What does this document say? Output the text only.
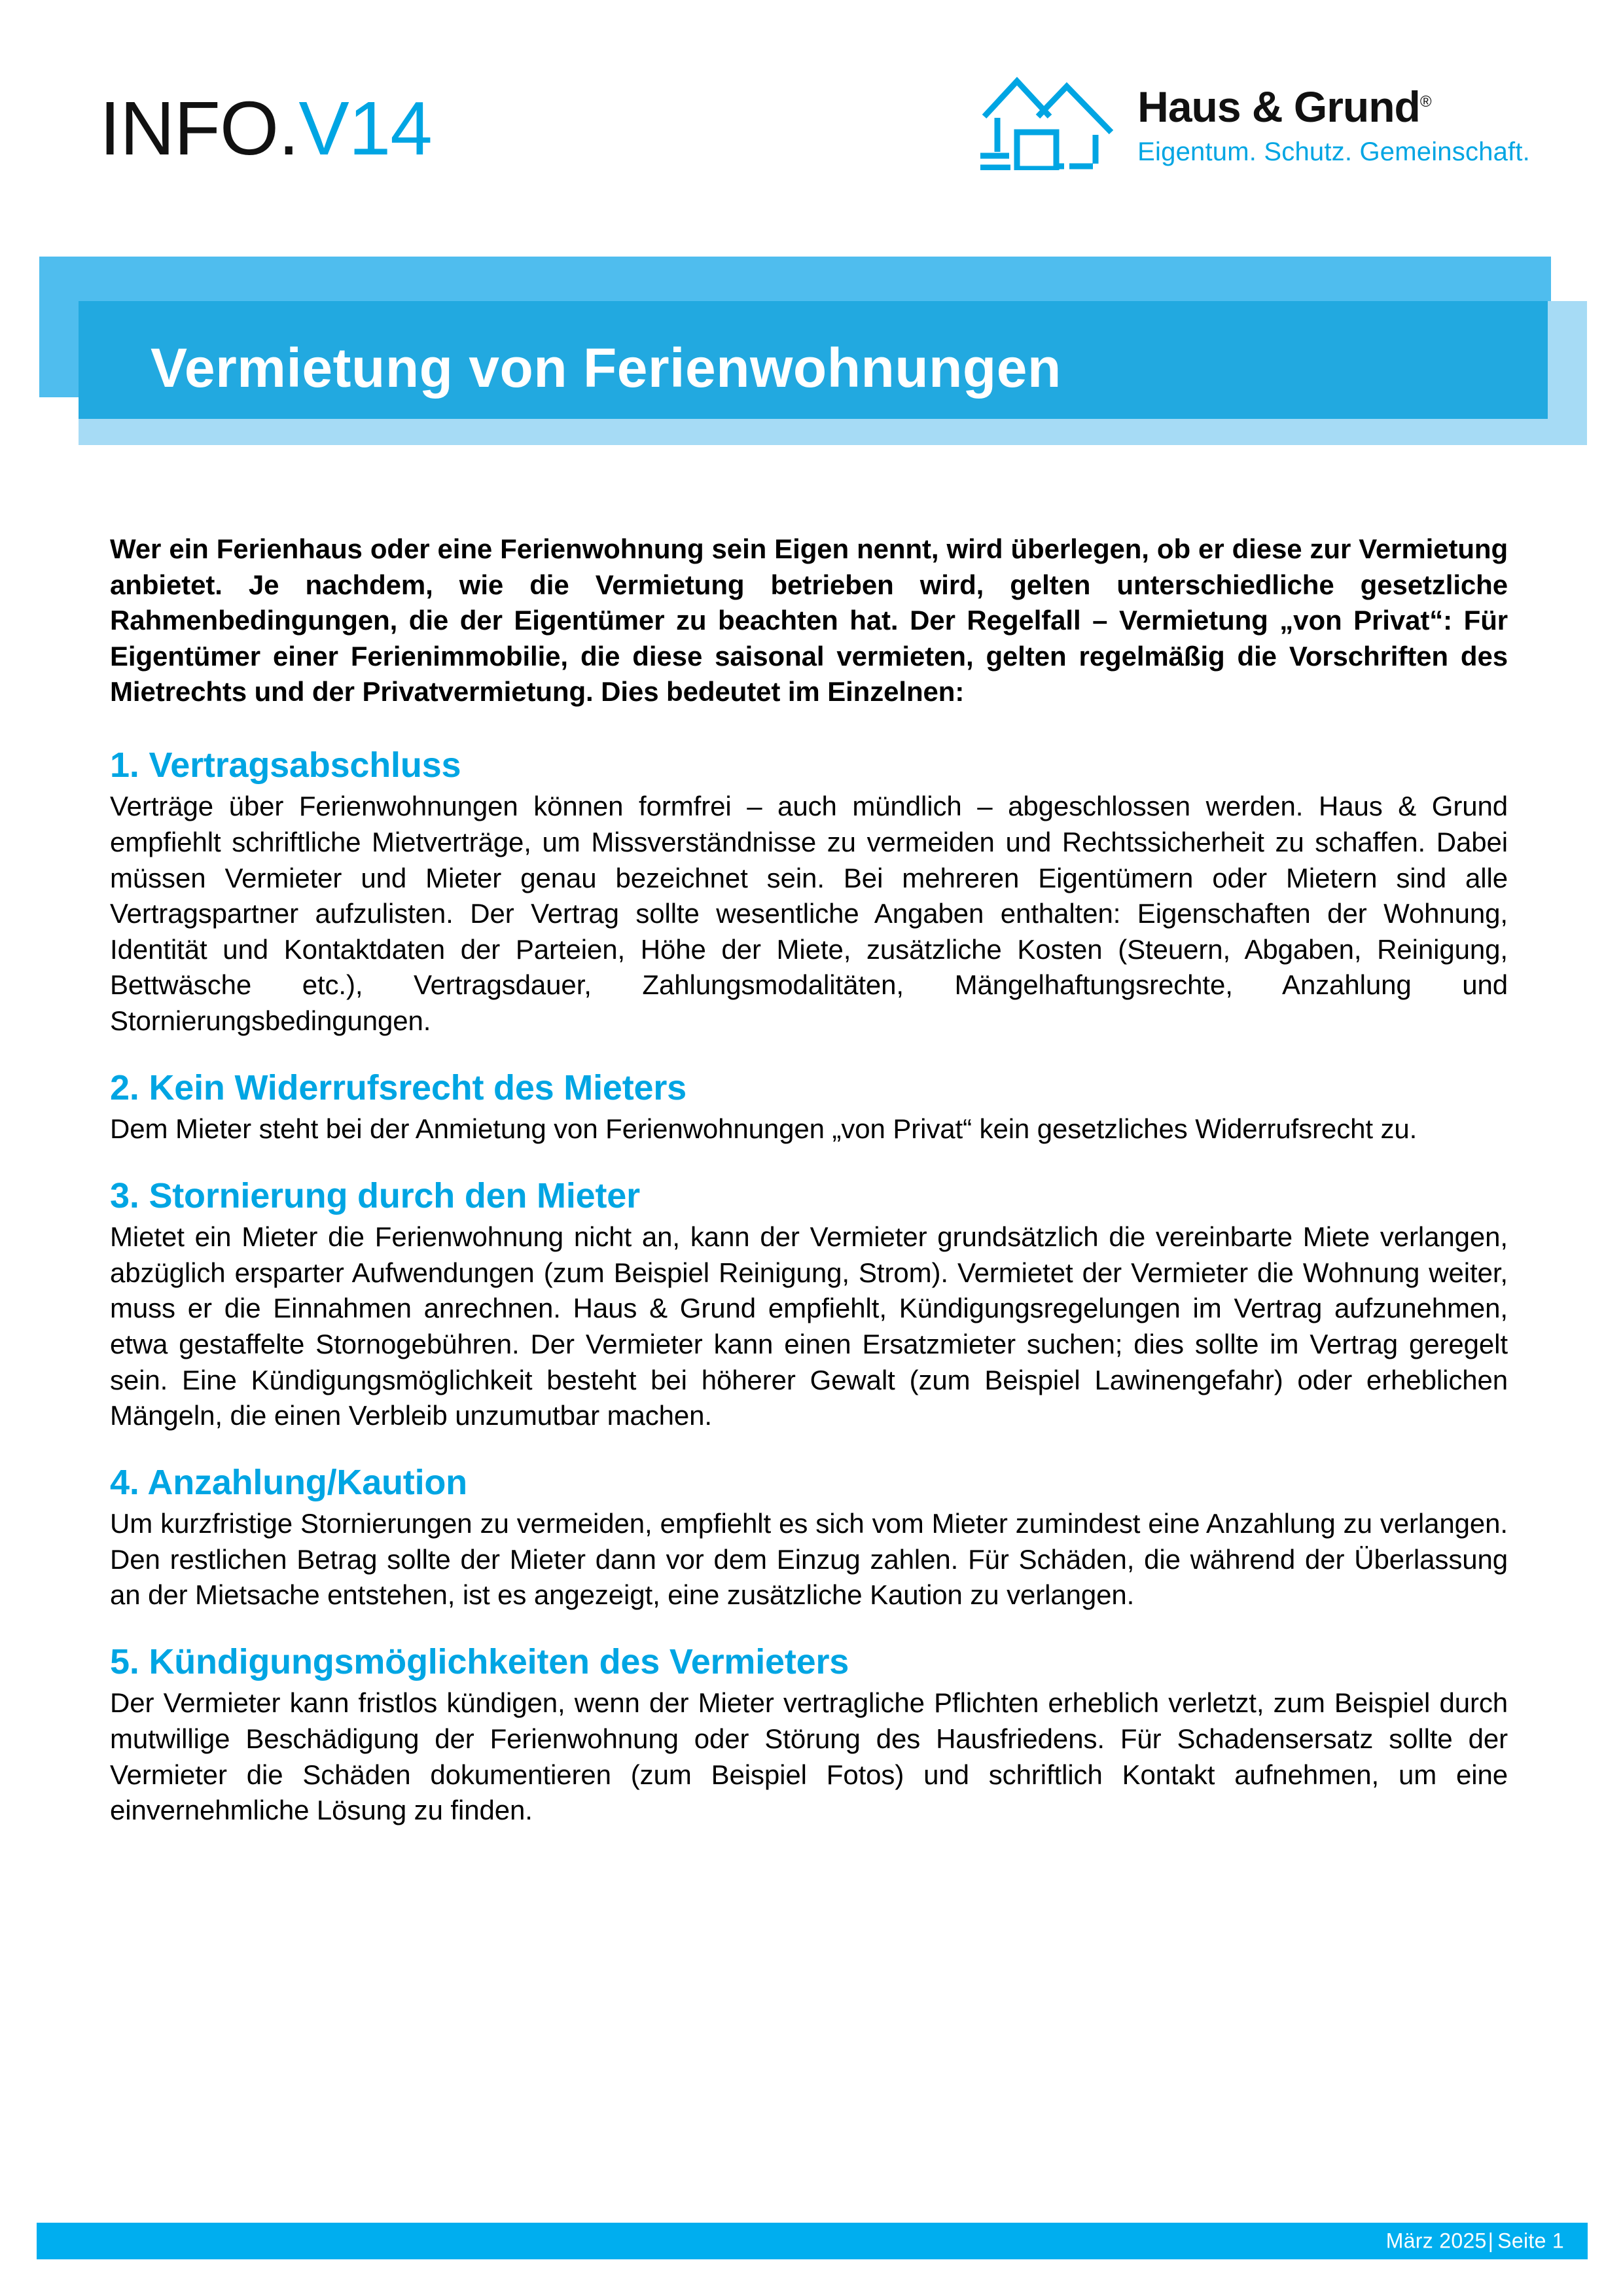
INFO.V14	Haus & Grund®
Eigentum. Schutz. Gemeinschaft.
Vermietung von Ferienwohnungen

Wer ein Ferienhaus oder eine Ferienwohnung sein Eigen nennt, wird überlegen, ob er diese zur Vermietung anbietet. Je nachdem, wie die Vermietung betrieben wird, gelten unterschiedliche gesetzliche Rahmenbedingungen, die der Eigentümer zu beachten hat. Der Regelfall – Vermietung „von Privat“: Für Eigentümer einer Ferienimmobilie, die diese saisonal vermieten, gelten regelmäßig die Vorschriften des Mietrechts und der Privatvermietung. Dies bedeutet im Einzelnen:

1. Vertragsabschluss

Verträge über Ferienwohnungen können formfrei – auch mündlich – abgeschlossen werden. Haus & Grund empfiehlt schriftliche Mietverträge, um Missverständnisse zu vermeiden und Rechtssicherheit zu schaffen. Dabei müssen Vermieter und Mieter genau bezeichnet sein. Bei mehreren Eigentümern oder Mietern sind alle Vertragspartner aufzulisten. Der Vertrag sollte wesentliche Angaben enthalten: Eigenschaften der Wohnung, Identität und Kontaktdaten der Parteien, Höhe der Miete, zusätzliche Kosten (Steuern, Abgaben, Reinigung, Bettwäsche etc.), Vertragsdauer, Zahlungsmodalitäten, Mängelhaftungsrechte, Anzahlung und Stornierungsbedingungen.

2. Kein Widerrufsrecht des Mieters

Dem Mieter steht bei der Anmietung von Ferienwohnungen „von Privat“ kein gesetzliches Widerrufsrecht zu.

3. Stornierung durch den Mieter

Mietet ein Mieter die Ferienwohnung nicht an, kann der Vermieter grundsätzlich die vereinbarte Miete verlangen, abzüglich ersparter Aufwendungen (zum Beispiel Reinigung, Strom). Vermietet der Vermieter die Wohnung weiter, muss er die Einnahmen anrechnen. Haus & Grund empfiehlt, Kündigungsregelungen im Vertrag aufzunehmen, etwa gestaffelte Stornogebühren. Der Vermieter kann einen Ersatzmieter suchen; dies sollte im Vertrag geregelt sein. Eine Kündigungsmöglichkeit besteht bei höherer Gewalt (zum Beispiel Lawinengefahr) oder erheblichen Mängeln, die einen Verbleib unzumutbar machen.

4. Anzahlung/Kaution

Um kurzfristige Stornierungen zu vermeiden, empfiehlt es sich vom Mieter zumindest eine Anzahlung zu verlangen. Den restlichen Betrag sollte der Mieter dann vor dem Einzug zahlen. Für Schäden, die während der Überlassung an der Mietsache entstehen, ist es angezeigt, eine zusätzliche Kaution zu verlangen.

5. Kündigungsmöglichkeiten des Vermieters

Der Vermieter kann fristlos kündigen, wenn der Mieter vertragliche Pflichten erheblich verletzt, zum Beispiel durch mutwillige Beschädigung der Ferienwohnung oder Störung des Hausfriedens. Für Schadensersatz sollte der Vermieter die Schäden dokumentieren (zum Beispiel Fotos) und schriftlich Kontakt aufnehmen, um eine einvernehmliche Lösung zu finden.

März 2025| Seite 1
